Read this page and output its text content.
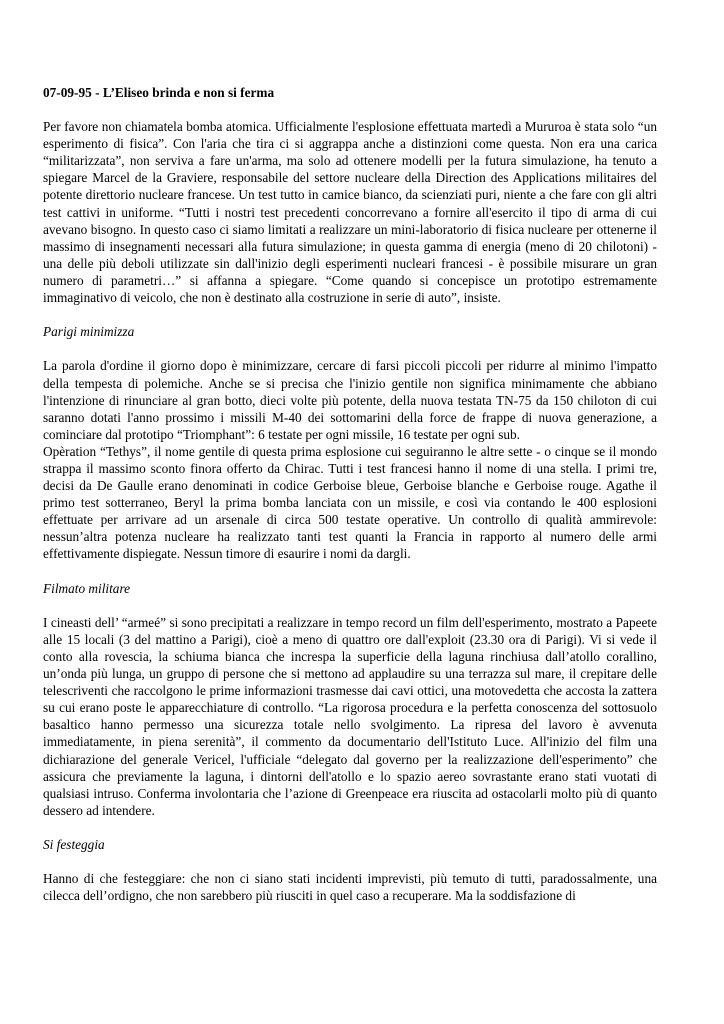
07-09-95 - L’Eliseo brinda e non si ferma

Per favore non chiamatela bomba atomica. Ufficialmente l'esplosione effettuata martedì a Mururoa è stata solo “un esperimento di fisica”. Con l'aria che tira ci si aggrappa anche a distinzioni come questa. Non era una carica “militarizzata”, non serviva a fare un'arma, ma solo ad ottenere modelli per la futura simulazione, ha tenuto a spiegare Marcel de la Graviere, responsabile del settore nucleare della Direction des Applications militaires del potente direttorio nucleare francese. Un test tutto in camice bianco, da scienziati puri, niente a che fare con gli altri test cattivi in uniforme. “Tutti i nostri test precedenti concorrevano a fornire all'esercito il tipo di arma di cui avevano bisogno. In questo caso ci siamo limitati a realizzare un mini-laboratorio di fisica nucleare per ottenerne il massimo di insegnamenti necessari alla futura simulazione; in questa gamma di energia (meno di 20 chilotoni) - una delle più deboli utilizzate sin dall'inizio degli esperimenti nucleari francesi - è possibile misurare un gran numero di parametri…” si affanna a spiegare. “Come quando si concepisce un prototipo estremamente immaginativo di veicolo, che non è destinato alla costruzione in serie di auto”, insiste.

Parigi minimizza

La parola d'ordine il giorno dopo è minimizzare, cercare di farsi piccoli piccoli per ridurre al minimo l'impatto della tempesta di polemiche. Anche se si precisa che l'inizio gentile non significa minimamente che abbiano l'intenzione di rinunciare al gran botto, dieci volte più potente, della nuova testata TN-75 da 150 chiloton di cui saranno dotati l'anno prossimo i missili M-40 dei sottomarini della force de frappe di nuova generazione, a cominciare dal prototipo “Triomphant”: 6 testate per ogni missile, 16 testate per ogni sub.

Opèration “Tethys”, il nome gentile di questa prima esplosione cui seguiranno le altre sette - o cinque se il mondo strappa il massimo sconto finora offerto da Chirac. Tutti i test francesi hanno il nome di una stella. I primi tre, decisi da De Gaulle erano denominati in codice Gerboise bleue, Gerboise blanche e Gerboise rouge. Agathe il primo test sotterraneo, Beryl la prima bomba lanciata con un missile, e così via contando le 400 esplosioni effettuate per arrivare ad un arsenale di circa 500 testate operative. Un controllo di qualità ammirevole: nessun’altra potenza nucleare ha realizzato tanti test quanti la Francia in rapporto al numero delle armi effettivamente dispiegate. Nessun timore di esaurire i nomi da dargli.

Filmato militare

I cineasti dell’ “armeé” si sono precipitati a realizzare in tempo record un film dell'esperimento, mostrato a Papeete alle 15 locali (3 del mattino a Parigi), cioè a meno di quattro ore dall'exploit (23.30 ora di Parigi). Vi si vede il conto alla rovescia, la schiuma bianca che increspa la superficie della laguna rinchiusa dall’atollo corallino, un’onda più lunga, un gruppo di persone che si mettono ad applaudire su una terrazza sul mare, il crepitare delle telescriventi che raccolgono le prime informazioni trasmesse dai cavi ottici, una motovedetta che accosta la zattera su cui erano poste le apparecchiature di controllo. “La rigorosa procedura e la perfetta conoscenza del sottosuolo basaltico hanno permesso una sicurezza totale nello svolgimento. La ripresa del lavoro è avvenuta immediatamente, in piena serenità”, il commento da documentario dell'Istituto Luce. All'inizio del film una dichiarazione del generale Vericel, l'ufficiale “delegato dal governo per la realizzazione dell'esperimento” che assicura che previamente la laguna, i dintorni dell'atollo e lo spazio aereo sovrastante erano stati vuotati di qualsiasi intruso. Conferma involontaria che l’azione di Greenpeace era riuscita ad ostacolarli molto più di quanto dessero ad intendere.

Si festeggia

Hanno di che festeggiare: che non ci siano stati incidenti imprevisti, più temuto di tutti, paradossalmente, una cilecca dell’ordigno, che non sarebbero più riusciti in quel caso a recuperare. Ma la soddisfazione di
